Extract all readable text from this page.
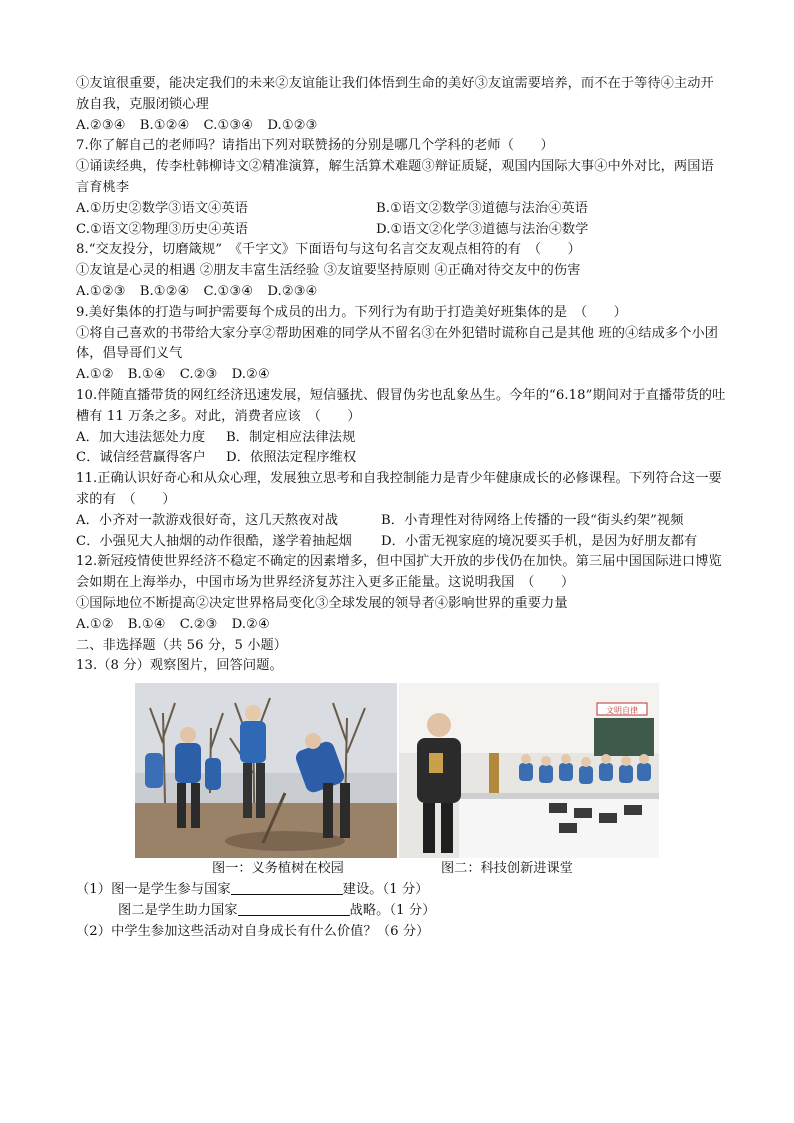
①友谊很重要，能决定我们的未来②友谊能让我们体悟到生命的美好③友谊需要培养，而不在于等待④主动开放自我，克服闭锁心理
A.②③④ B.①②④ C.①③④ D.①②③
7.你了解自己的老师吗？请指出下列对联赞扬的分别是哪几个学科的老师（　　）
①诵读经典，传李杜韩柳诗文②精准演算，解生活算术难题③辩证质疑，观国内国际大事④中外对比，两国语言育桃李
A.①历史②数学③语文④英语	B.①语文②数学③道德与法治④英语
C.①语文②物理③历史④英语	D.①语文②化学③道德与法治④数学
8.“交友投分，切磨箴规”　《千字文》下面语句与这句名言交友观点相符的有　（　　）
①友谊是心灵的相遇 ②朋友丰富生活经验 ③友谊要坚持原则 ④正确对待交友中的伤害
A.①②③ B.①②④ C.①③④ D.②③④
9.美好集体的打造与呵护需要每个成员的出力。下列行为有助于打造美好班集体的是　（　　）
①将自己喜欢的书带给大家分享②帮助困难的同学从不留名③在外犯错时谎称自己是其他 班的④结成多个小团体，倡导哥们义气
A.①② B.①④ C.②③ D.②④
10.伴随直播带货的网红经济迅速发展，短信骚扰、假冒伪劣也乱象丛生。今年的“6.18”期间对于直播带货的吐槽有 11 万条之多。对此，消费者应该　（　　）
A．加大违法惩处力度	B．制定相应法律法规
C．诚信经营赢得客户	D．依照法定程序维权
11.正确认识好奇心和从众心理，发展独立思考和自我控制能力是青少年健康成长的必修课程。下列符合这一要求的有　（　　）
A．小齐对一款游戏很好奇，这几天熬夜对战	B．小青理性对待网络上传播的一段“街头约架”视频
C．小强见大人抽烟的动作很酷，遂学着抽起烟	D．小雷无视家庭的境况要买手机，是因为好朋友都有
12.新冠疫情使世界经济不稳定不确定的因素增多，但中国扩大开放的步伐仍在加快。第三届中国国际进口博览会如期在上海举办，中国市场为世界经济复苏注入更多正能量。这说明我国　（　　）
①国际地位不断提高②决定世界格局变化③全球发展的领导者④影响世界的重要力量
A.①② B.①④ C.②③ D.②④
二、非选择题（共 56 分，5 小题）
13.（8 分）观察图片，回答问题。
文明自律
图一：义务植树在校园	图二：科技创新进课堂
（1）图一是学生参与国家	建设。（1 分）
图二是学生助力国家	战略。（1 分）
（2）中学生参加这些活动对自身成长有什么价值？（6 分）
